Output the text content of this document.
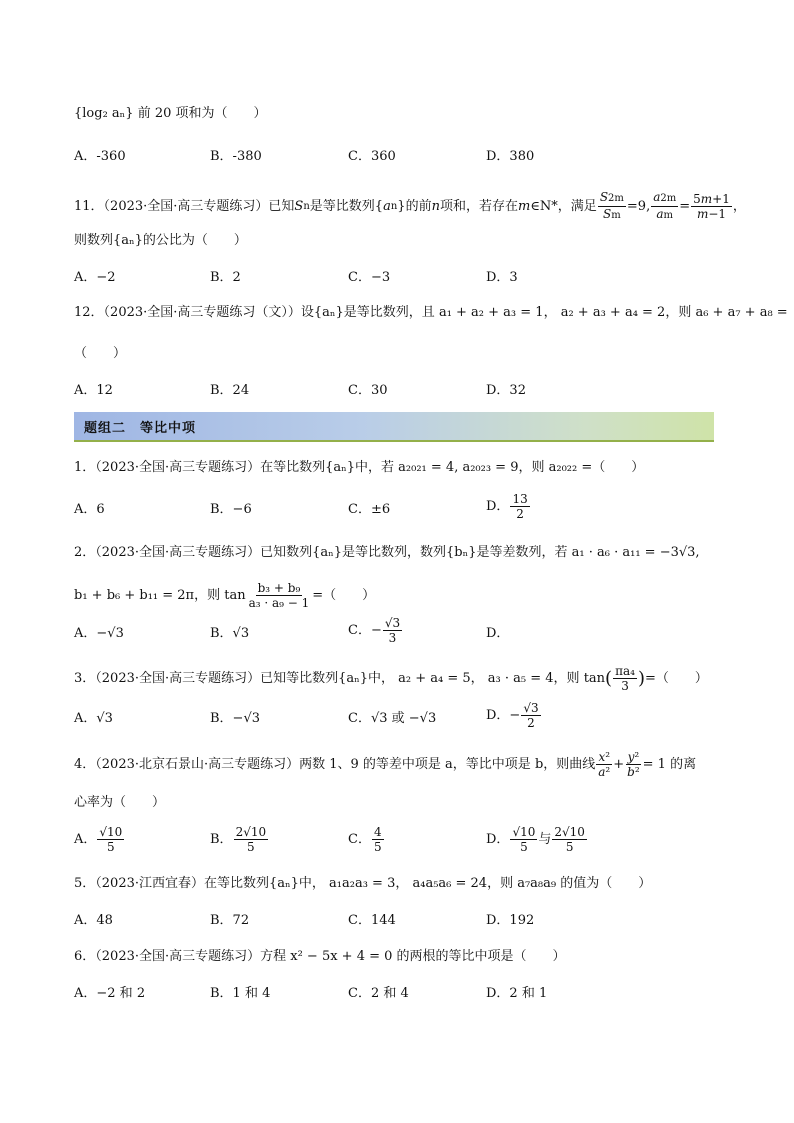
{log₂ aₙ} 前 20 项和为（　　）
A．-360	B．-380	C．360	D．380
11．（2023·全国·高三专题练习）已知 S n 是等比数列 { a n } 的前 n 项和，若存在 m ∈N* ，满足 $\frac{S2m}{Sm} =9$, $\frac{a2m}{am} = \frac{5m+1}{m-1}$ ，
则数列{aₙ}的公比为（　　）
A．−2	B．2	C．−3	D．3
12．（2023·全国·高三专题练习（文））设{aₙ}是等比数列，且 a₁ + a₂ + a₃ = 1， a₂ + a₃ + a₄ = 2，则 a₆ + a₇ + a₈ =
（　　）
A．12	B．24	C．30	D．32
题组二　等比中项
1．（2023·全国·高三专题练习）在等比数列{aₙ}中，若 a₂₀₂₁ = 4, a₂₀₂₃ = 9，则 a₂₀₂₂ =（　　）
A．6	B．−6	C．±6	D． $\frac{13}{2}$
2．（2023·全国·高三专题练习）已知数列{aₙ}是等比数列，数列{bₙ}是等差数列，若 a₁ · a₆ · a₁₁ = −3√3,
b₁ + b₆ + b₁₁ = 2π，则 $\tan \frac{\text{b₃ + b₉}}{\text{a₃ · a₉ − 1}}$ =（　　）
A．−√3	B．√3	C．− $\frac{√3}{3}$	D．
3．（2023·全国·高三专题练习）已知等比数列{aₙ}中， a₂ + a₄ = 5， a₃ · a₅ = 4，则 tan ( $\frac{\text{πa₄}}{3}$ ) =（　　）
A．√3	B．−√3	C．√3 或 −√3	D．− $\frac{√3}{2}$
4．（2023·北京石景山·高三专题练习）两数 1、9 的等差中项是 a，等比中项是 b，则曲线 $\frac{\text{x²}}{\text{a²}} + \frac{\text{y²}}{\text{b²}} = 1$ 的离
心率为（　　）
A． $\frac{√10}{5}$	B． $\frac{2√10}{5}$	C． $\frac{4}{5}$	D． $\frac{√10}{5}$ 与 $\frac{2√10}{5}$
5．（2023·江西宜春）在等比数列{aₙ}中， a₁a₂a₃ = 3， a₄a₅a₆ = 24，则 a₇a₈a₉ 的值为（　　）
A．48	B．72	C．144	D．192
6．（2023·全国·高三专题练习）方程 x² − 5x + 4 = 0 的两根的等比中项是（　　）
A．−2 和 2	B．1 和 4	C．2 和 4	D．2 和 1
